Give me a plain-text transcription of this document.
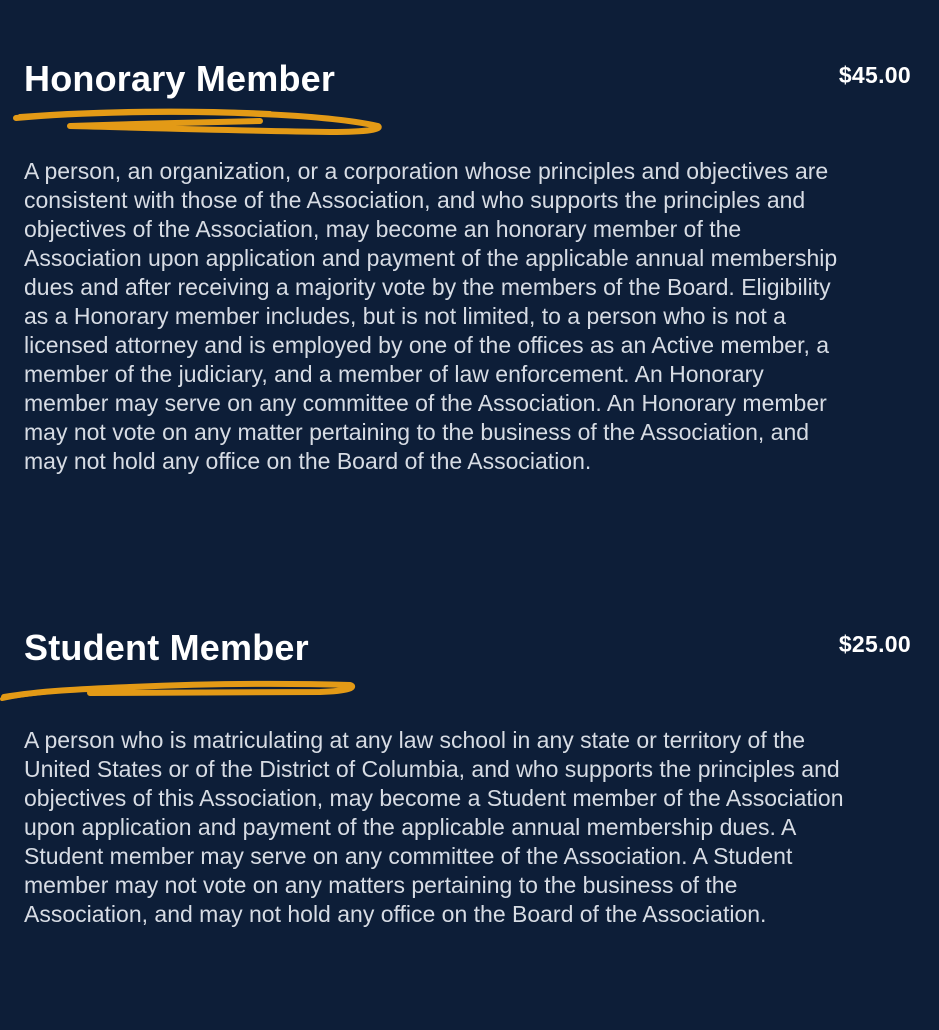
Honorary Member	$45.00

A person, an organization, or a corporation whose principles and objectives are consistent with those of the Association, and who supports the principles and objectives of the Association, may become an honorary member of the Association upon application and payment of the applicable annual membership dues and after receiving a majority vote by the members of the Board. Eligibility as a Honorary member includes, but is not limited, to a person who is not a licensed attorney and is employed by one of the offices as an Active member, a member of the judiciary, and a member of law enforcement. An Honorary member may serve on any committee of the Association. An Honorary member may not vote on any matter pertaining to the business of the Association, and may not hold any office on the Board of the Association.

Student Member	$25.00

A person who is matriculating at any law school in any state or territory of the United States or of the District of Columbia, and who supports the principles and objectives of this Association, may become a Student member of the Association upon application and payment of the applicable annual membership dues. A Student member may serve on any committee of the Association. A Student member may not vote on any matters pertaining to the business of the Association, and may not hold any office on the Board of the Association.
